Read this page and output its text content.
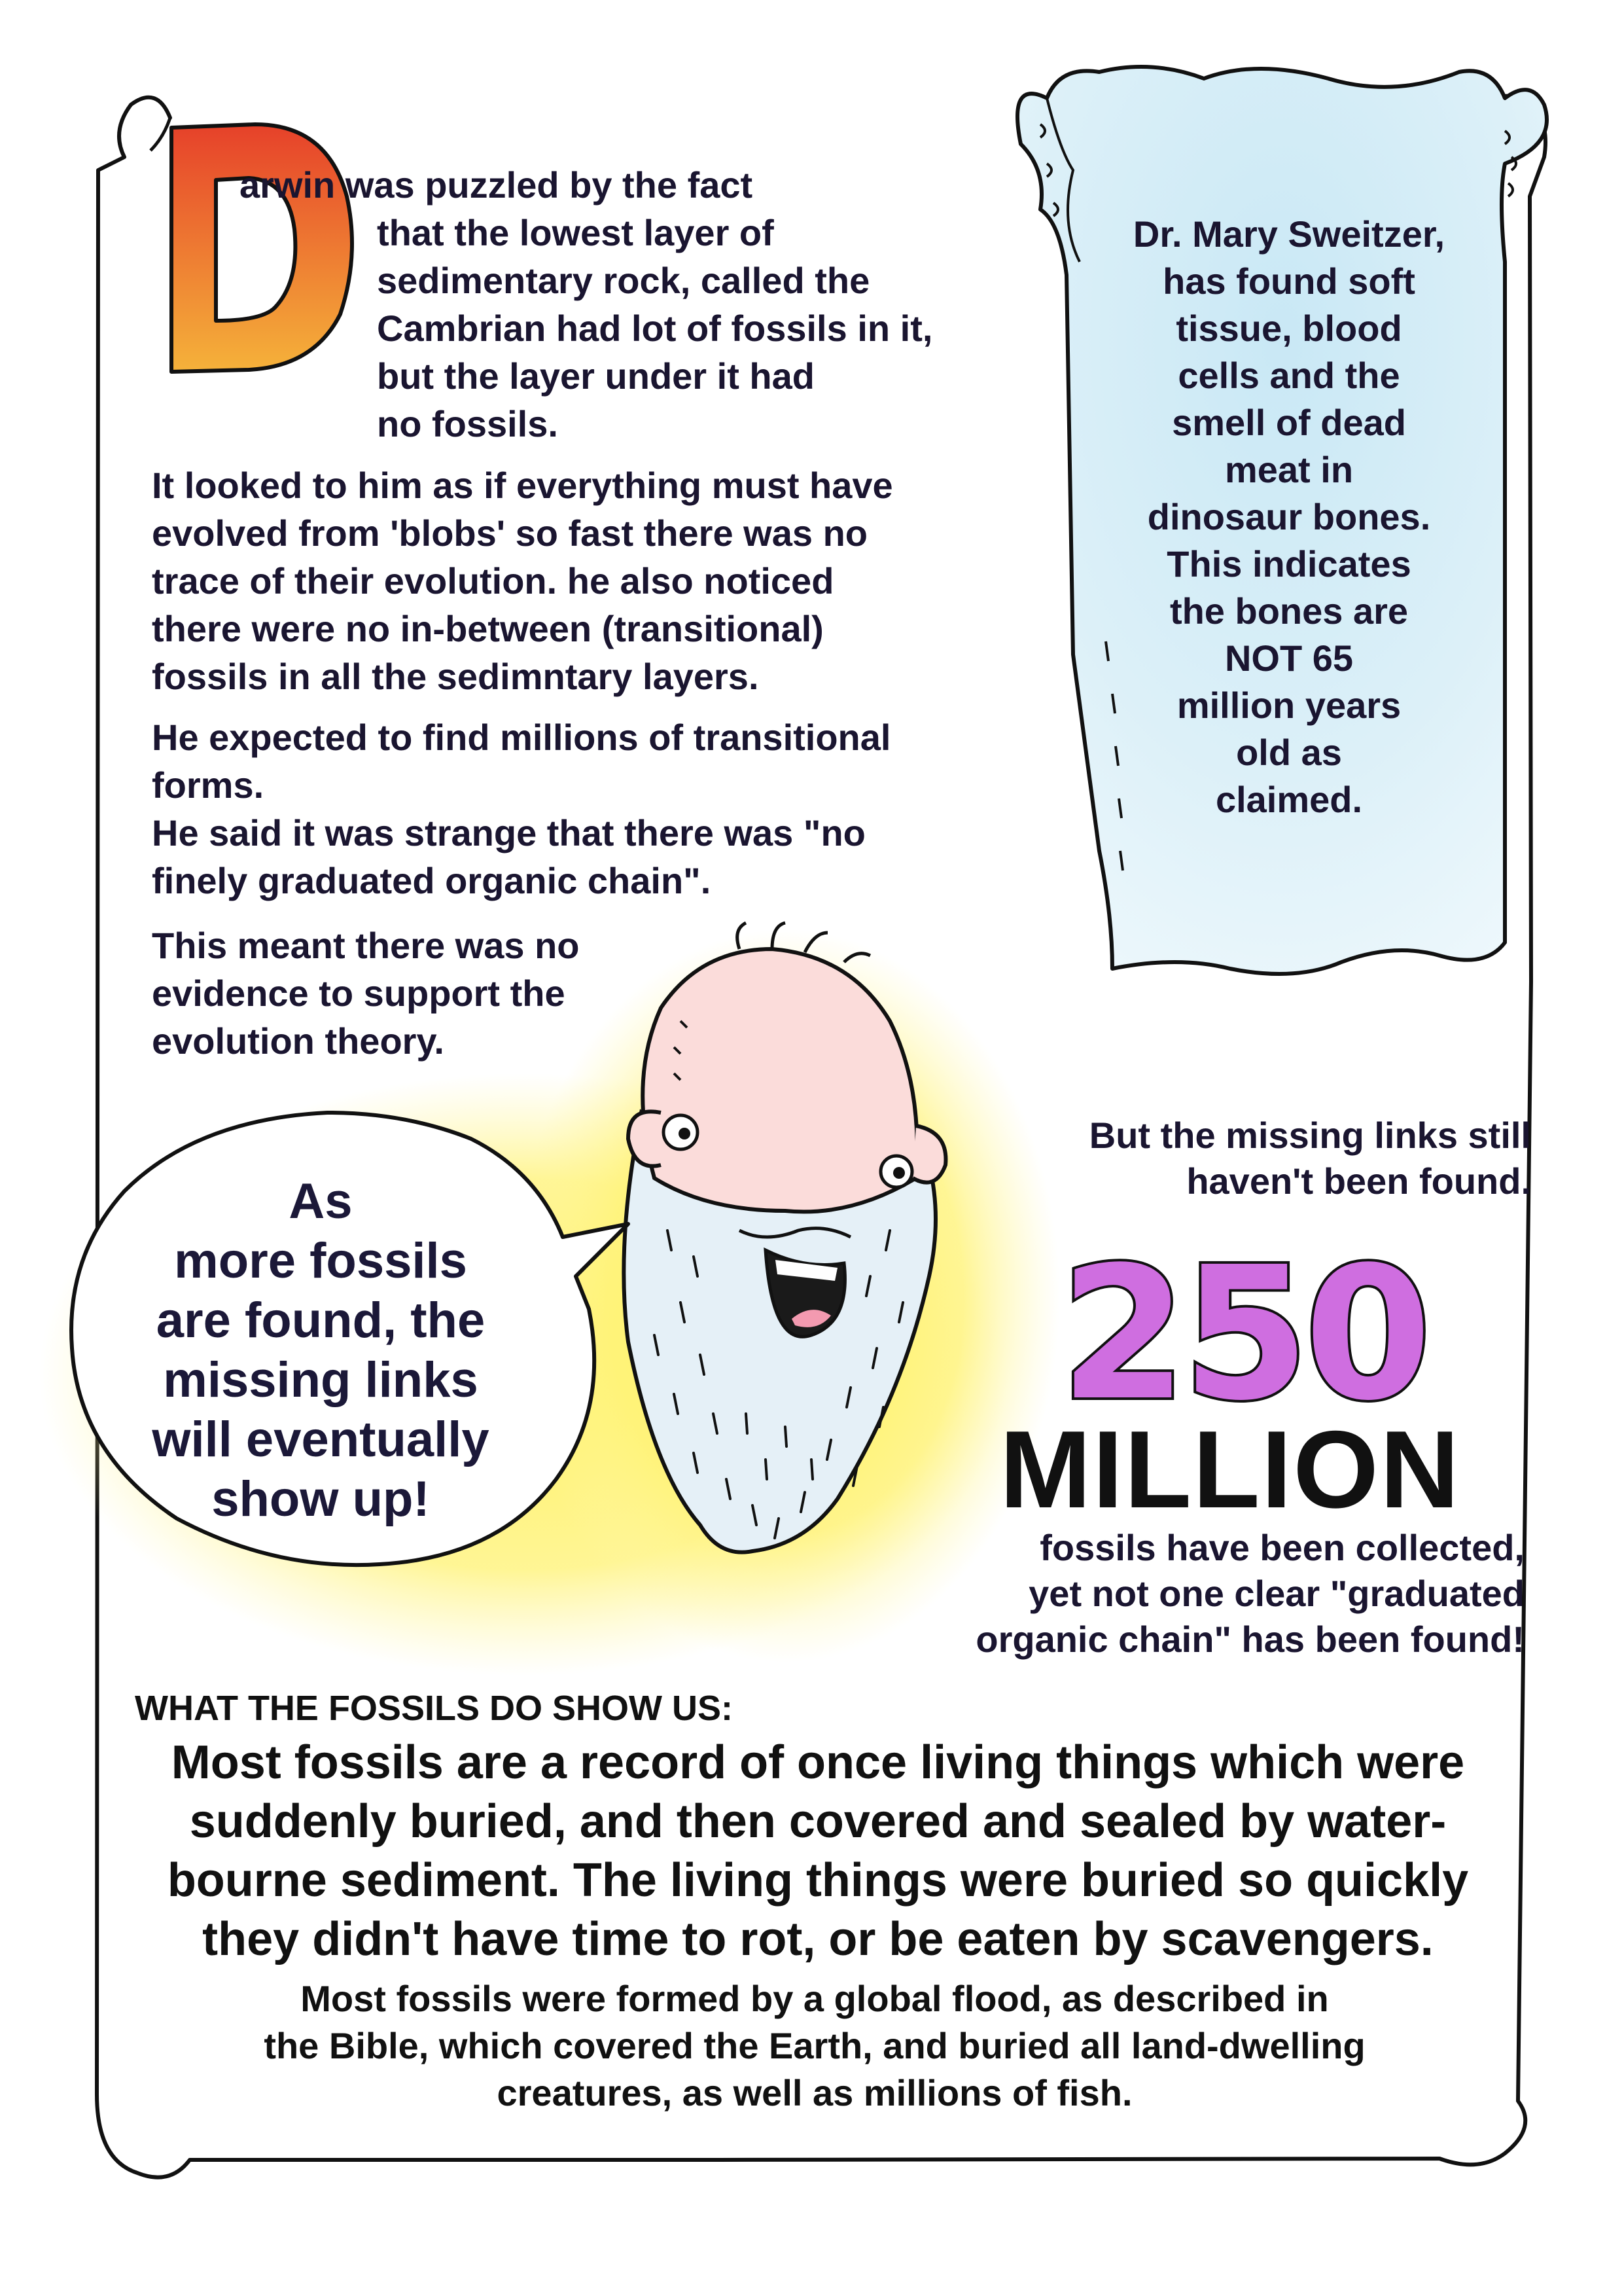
250

arwin was puzzled by the fact

that the lowest layer of
sedimentary rock, called the
Cambrian had lot of fossils in it,
but the layer under it had
no fossils.
It looked to him as if everything must have
evolved from 'blobs' so fast there was no
trace of their evolution. he also noticed
there were no in-between (transitional)
fossils in all the sedimntary layers.
He expected to find millions of transitional
forms.
He said it was strange that there was "no
finely graduated organic chain".
This meant there was no
evidence to support the
evolution theory.
Dr. Mary Sweitzer,
has found soft
tissue, blood
cells and the
smell of dead
meat in
dinosaur bones.
This indicates
the bones are
NOT 65
million years
old as
claimed.
As
more fossils
are found, the
missing links
will eventually
show up!
But the missing links still
haven't been found.
MILLION
fossils have been collected,
yet not one clear "graduated
organic chain" has been found!
WHAT THE FOSSILS DO SHOW US:
Most fossils are a record of once living things which were
suddenly buried, and then covered and sealed by water-
bourne sediment. The living things were buried so quickly
they didn't have time to rot, or be eaten by scavengers.
Most fossils were formed by a global flood, as described in
the Bible, which covered the Earth, and buried all land-dwelling
creatures, as well as millions of fish.
